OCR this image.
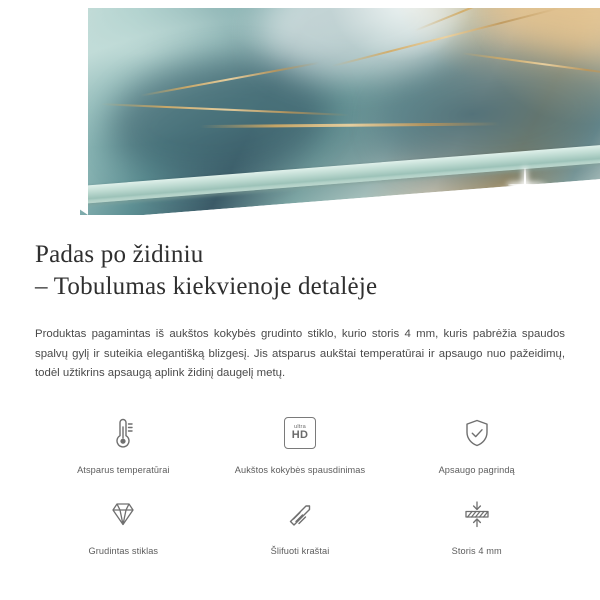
Padas po židiniu
– Tobulumas kiekvienoje detalėje

Produktas pagamintas iš aukštos kokybės grudinto stiklo, kurio storis 4 mm, kuris pabrėžia spaudos spalvų gylį ir suteikia elegantišką blizgesį. Jis atsparus aukštai temperatūrai ir apsaugo nuo pažeidimų, todėl užtikrins apsaugą aplink židinį daugelį metų.

Atsparus temperatūrai
ultra
HD
Aukštos kokybės spausdinimas	Apsaugo pagrindą
Grudintas stiklas	Šlifuoti kraštai	Storis 4 mm
